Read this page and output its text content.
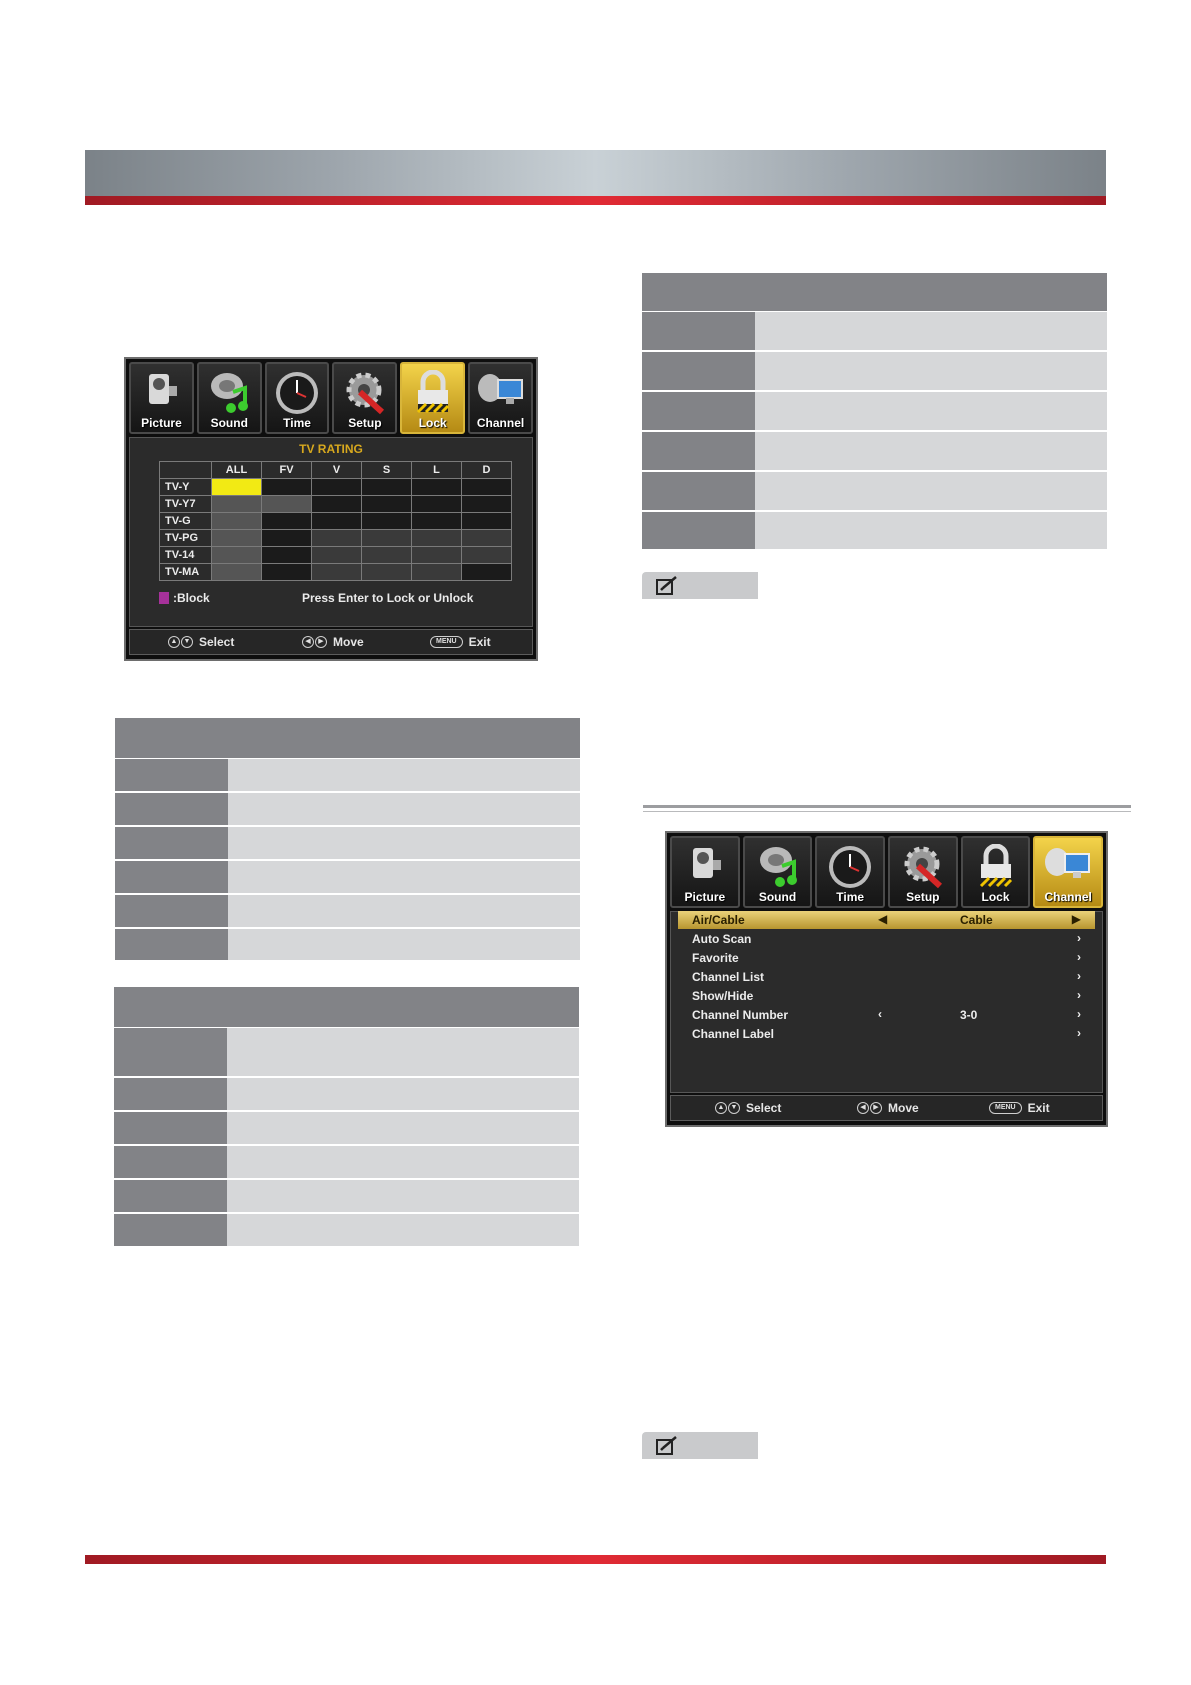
Picture	Sound	Time	Setup	Lock	Channel
TV RATING
	ALL	FV	V	S	L	D
TV-Y						
TV-Y7						
TV-G						
TV-PG						
TV-14						
TV-MA						
:Block	Press Enter to Lock or Unlock
▲ ▼ Select	◀	▶ Move	MENU	Exit
Picture	Sound	Time	Setup	Lock	Channel
Air/Cable	◀	Cable	▶
Auto Scan	›
Favorite	›
Channel List	›
Show/Hide	›
Channel Number	‹	3-0	›
Channel Label	›
▲ ▼ Select	◀	▶ Move	MENU	Exit
